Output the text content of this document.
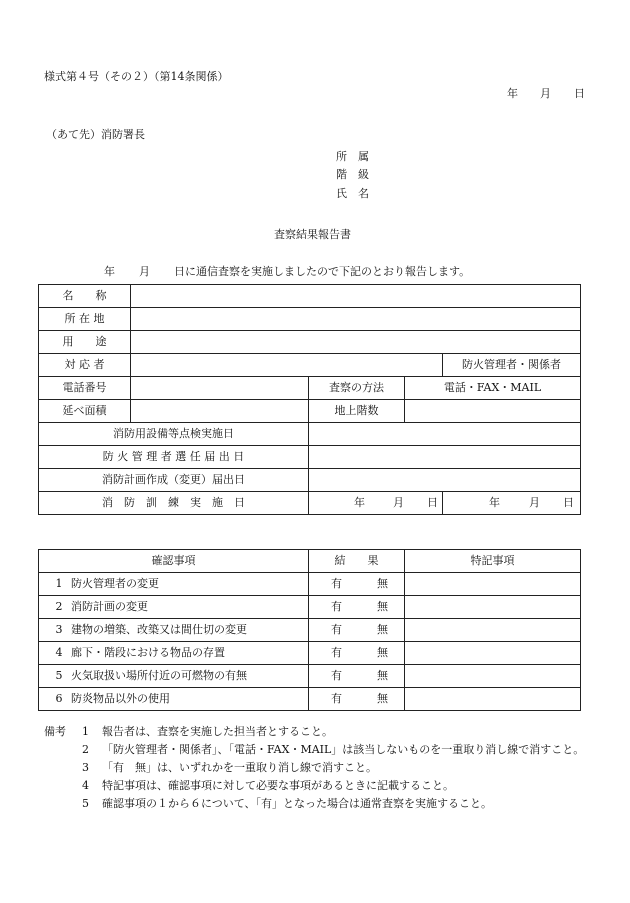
様式第４号（その２）（第14条関係）
年 月 日
（あて先）消防署長
所 属
階 級
氏 名
査察結果報告書
年 月 日に通信査察を実施しましたので下記のとおり報告します。
名　　称				
所 在 地				
用　　途				
対 応 者				防火管理者・関係者
電話番号		査察の方法	電話・FAX・MAIL	
延べ面積		地上階数		
消防用設備等点検実施日				
防 火 管 理 者 選 任 届 出 日				
消防計画作成（変更）届出日				
消　防　訓　練　実　施　日		年 月 日		年 月 日
確認事項	結　　果	特記事項
1 防火管理者の変更	有 無	

2 消防計画の変更	有 無	

3 建物の増築、改築又は間仕切の変更	有 無	

4 廊下・階段における物品の存置	有 無	

5 火気取扱い場所付近の可燃物の有無	有 無	

6 防炎物品以外の使用	有 無	

備考 1 報告者は、査察を実施した担当者とすること。
2 「防火管理者・関係者」、「電話・FAX・MAIL」は該当しないものを一重取り消し線で消すこと。
3 「有　無」は、いずれかを一重取り消し線で消すこと。
4 特記事項は、確認事項に対して必要な事項があるときに記載すること。
5 確認事項の１から６について、「有」となった場合は通常査察を実施すること。
